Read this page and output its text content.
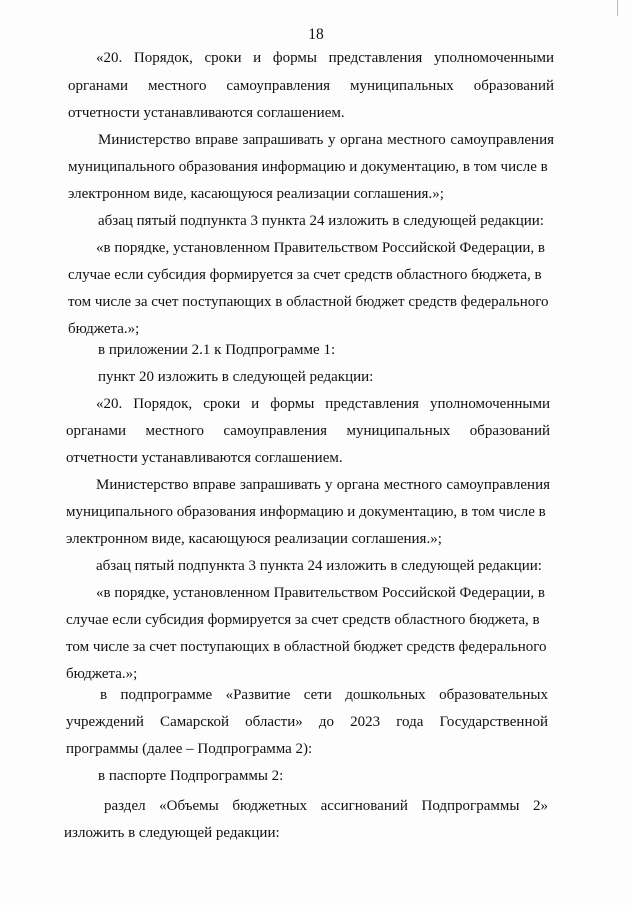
18
«20. Порядок, сроки и формы представления уполномоченными
органами местного самоуправления муниципальных образований
отчетности устанавливаются соглашением.
Министерство вправе запрашивать у органа местного самоуправления
муниципального образования информацию и документацию, в том числе в
электронном виде, касающуюся реализации соглашения.»;
абзац пятый подпункта 3 пункта 24 изложить в следующей редакции:
«в порядке, установленном Правительством Российской Федерации, в
случае если субсидия формируется за счет средств областного бюджета, в
том числе за счет поступающих в областной бюджет средств федерального
бюджета.»;
в приложении 2.1 к Подпрограмме 1:
пункт 20 изложить в следующей редакции:
«20. Порядок, сроки и формы представления уполномоченными
органами местного самоуправления муниципальных образований
отчетности устанавливаются соглашением.
Министерство вправе запрашивать у органа местного самоуправления
муниципального образования информацию и документацию, в том числе в
электронном виде, касающуюся реализации соглашения.»;
абзац пятый подпункта 3 пункта 24 изложить в следующей редакции:
«в порядке, установленном Правительством Российской Федерации, в
случае если субсидия формируется за счет средств областного бюджета, в
том числе за счет поступающих в областной бюджет средств федерального
бюджета.»;
в подпрограмме «Развитие сети дошкольных образовательных
учреждений Самарской области» до 2023 года Государственной
программы (далее – Подпрограмма 2):
в паспорте Подпрограммы 2:
раздел «Объемы бюджетных ассигнований Подпрограммы 2»
изложить в следующей редакции:
